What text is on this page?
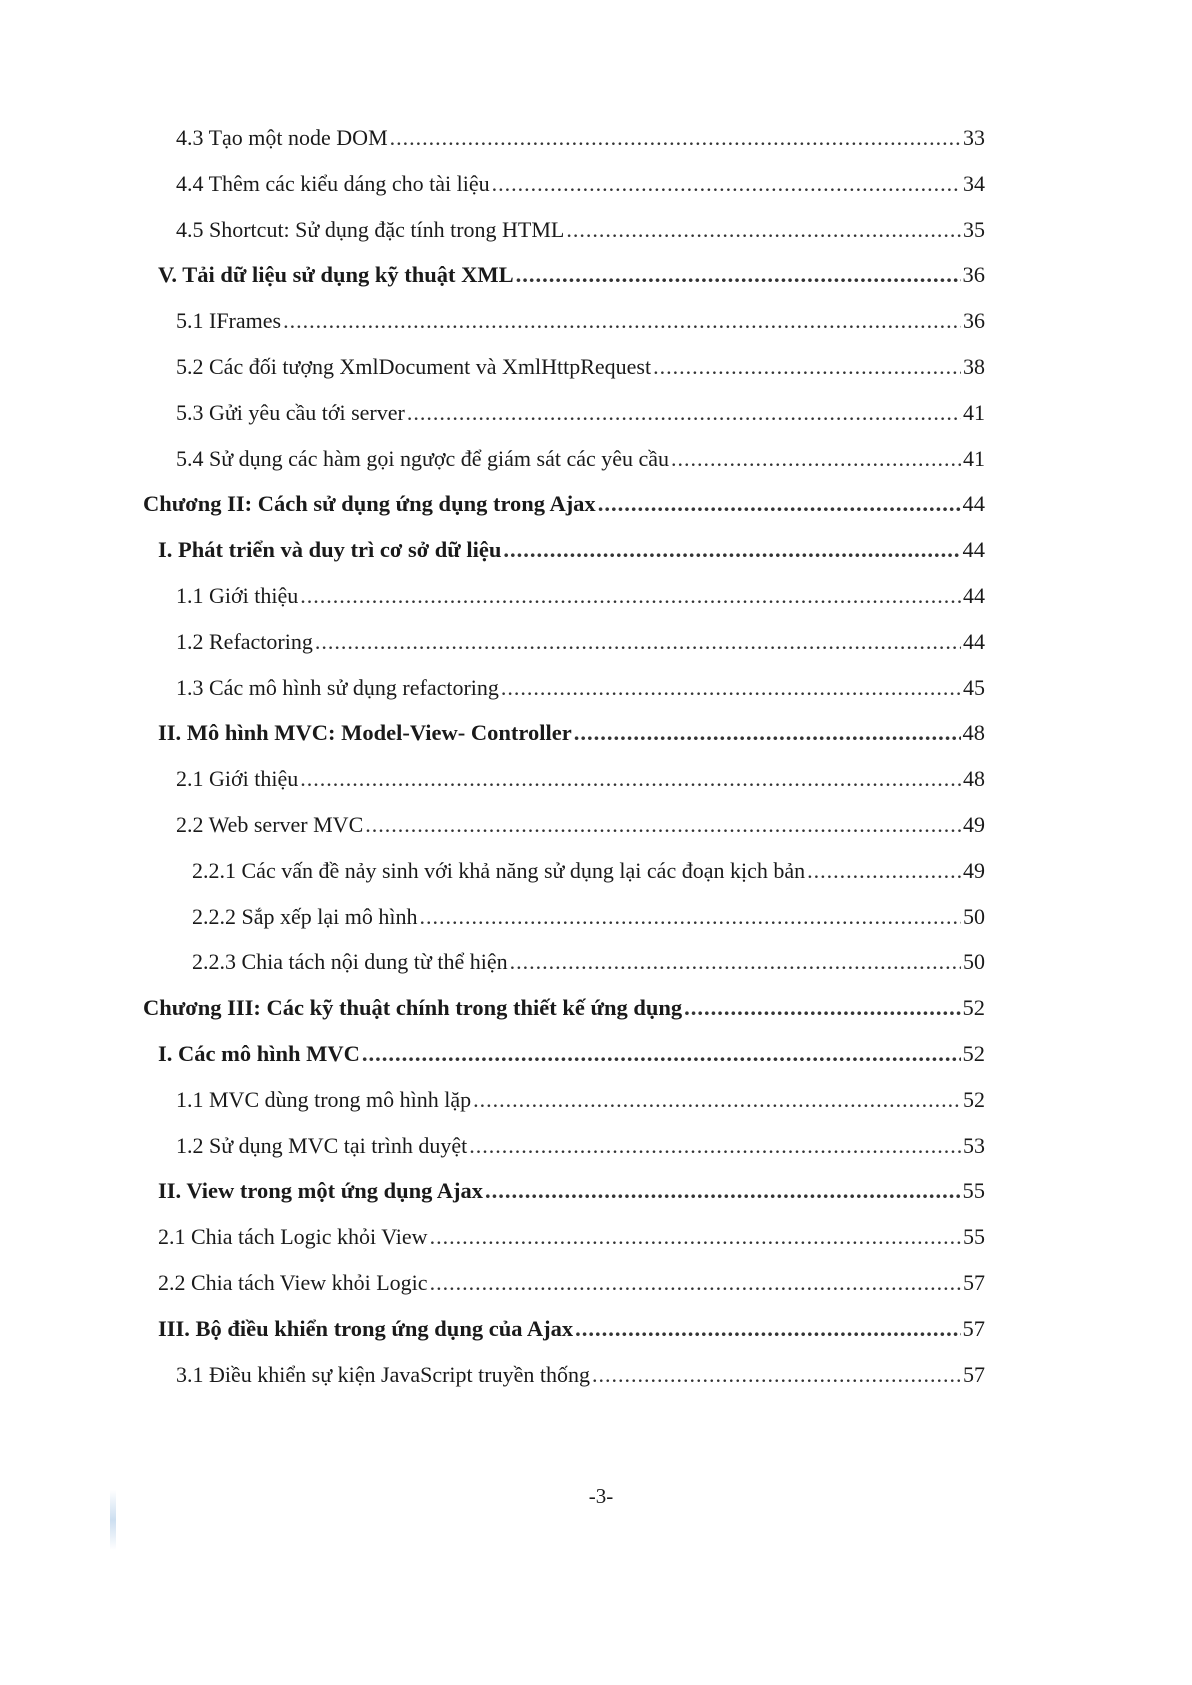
4.3 Tạo một node DOM .....	33
4.4 Thêm các kiểu dáng cho tài liệu .....	34
4.5 Shortcut: Sử dụng đặc tính trong HTML .....	35
V. Tải dữ liệu sử dụng kỹ thuật XML .....	36
5.1 IFrames .....	36
5.2 Các đối tượng XmlDocument và XmlHttpRequest .....	38
5.3 Gửi yêu cầu tới server .....	41
5.4 Sử dụng các hàm gọi ngược để giám sát các yêu cầu .....	41
Chương II: Cách sử dụng ứng dụng trong Ajax .....	44
I. Phát triển và duy trì cơ sở dữ liệu .....	44
1.1 Giới thiệu .....	44
1.2 Refactoring .....	44
1.3 Các mô hình sử dụng refactoring .....	45
II. Mô hình MVC: Model-View- Controller .....	48
2.1 Giới thiệu .....	48
2.2 Web server MVC .....	49
2.2.1 Các vấn đề nảy sinh với khả năng sử dụng lại các đoạn kịch bản .....	49
2.2.2 Sắp xếp lại mô hình .....	50
2.2.3 Chia tách nội dung từ thể hiện .....	50
Chương III: Các kỹ thuật chính trong thiết kế ứng dụng .....	52
I. Các mô hình MVC .....	52
1.1 MVC dùng trong mô hình lặp .....	52
1.2 Sử dụng MVC tại trình duyệt .....	53
II. View trong một ứng dụng Ajax .....	55
2.1 Chia tách Logic khỏi View .....	55
2.2 Chia tách View khỏi Logic .....	57
III. Bộ điều khiển trong ứng dụng của Ajax .....	57
3.1 Điều khiển sự kiện JavaScript truyền thống .....	57
-3-
